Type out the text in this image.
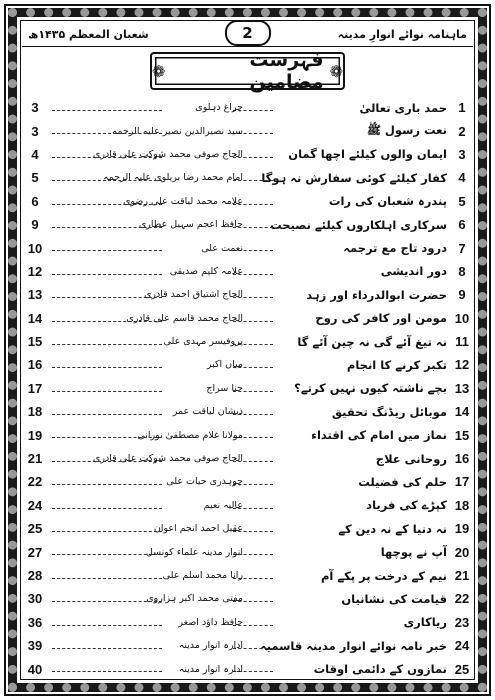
شعبان المعظم ۱۴۳۵ھ	2	ماہنامہ نوائے انوارِ مدینہ
❁
فہرست مضامین
❁
1
حمد باری تعالیٰ
چراغ دہلوی
3
2
نعت رسول ﷺ
سید نصیرالدین نصیر علیہ الرحمہ
3
3
ایمان والوں کیلئے اچھا گمان
الحاج صوفی محمد شوکت علی قادری
4
4
کفار کیلئے کوئی سفارش نہ ہوگا
امام محمد رضا بریلوی علیہ الرحمہ
5
5
پندرہ شعبان کی رات
علامہ محمد لیاقت علی رضوی
6
6
سرکاری اہلکاروں کیلئے نصیحت
حافظ اعجم سہیل عطاری
9
7
درود تاج مع ترجمہ
نعمت علی
10
8
دور اندیشی
علامہ کلیم صدیقی
12
9
حضرت ابوالدرداء اور زہد
الحاج اشتیاق احمد قادری
13
10
مومن اور کافر کی روح
الحاج محمد قاسم علی قادری
14
11
نہ تیغ آئے گی نہ چین آئے گا
پروفیسر مہدی علی
15
12
تکبر کرنے کا انجام
میاں اکبر
16
13
بچے ناشتہ کیوں نہیں کرتے؟
حنا سراج
17
14
موبائل ریڈنگ تحقیق
ذیشان لیاقت عمر
18
15
نماز میں امام کی اقتداء
مولانا غلام مصطفیٰ نورانی
19
16
روحانی علاج
الحاج صوفی محمد شوکت علی قادری
21
17
حلم کی فضیلت
چوہدری حیات علی
22
18
کپڑے کی فریاد
عالیہ نعیم
24
19
نہ دنیا کے نہ دین کے
عقیل احمد انجم اعوان
25
20
آپ نے پوچھا
انوار مدینہ علماء کونسل
27
21
نیم کے درخت پر پکے آم
رانا محمد اسلم علی
28
22
قیامت کی نشانیاں
مفتی محمد اکبر ہزاروی
30
23
ریاکاری
حافظ داؤد اصغر
36
24
خبر نامہ نوائے انوار مدینہ قاسمیہ
ادارہ انوار مدینہ
39
25
نمازوں کے دائمی اوقات
ادارہ انوار مدینہ
40
